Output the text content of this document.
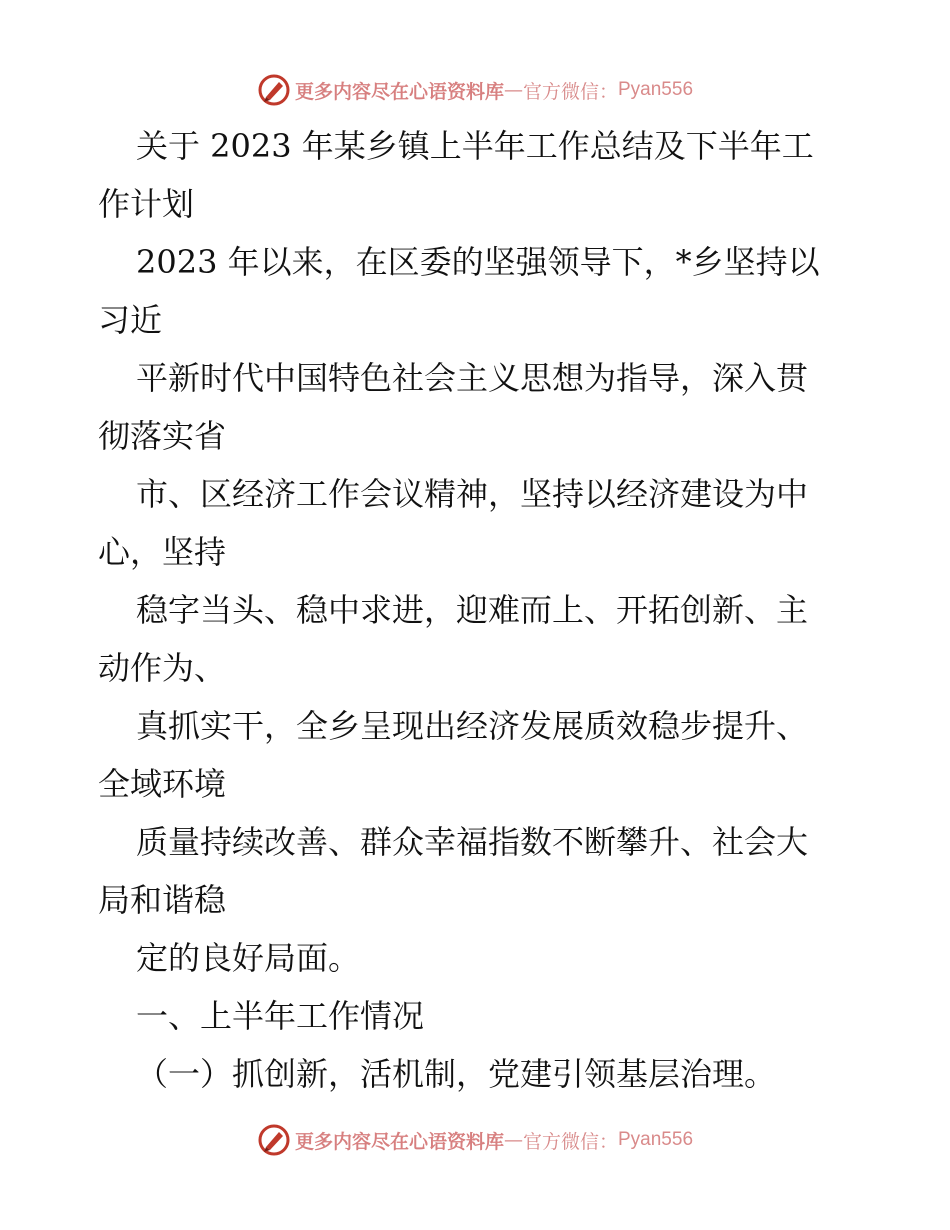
更多内容尽在心语资料库 — 官方微信： Pyan556
关于 2023 年某乡镇上半年工作总结及下半年工
作计划
2023 年以来，在区委的坚强领导下，*乡坚持以
习近
平新时代中国特色社会主义思想为指导，深入贯
彻落实省
市、区经济工作会议精神，坚持以经济建设为中
心，坚持
稳字当头、稳中求进，迎难而上、开拓创新、主
动作为、
真抓实干，全乡呈现出经济发展质效稳步提升、
全域环境
质量持续改善、群众幸福指数不断攀升、社会大
局和谐稳
定的良好局面。
一、上半年工作情况
（一）抓创新，活机制，党建引领基层治理。
更多内容尽在心语资料库 — 官方微信： Pyan556
